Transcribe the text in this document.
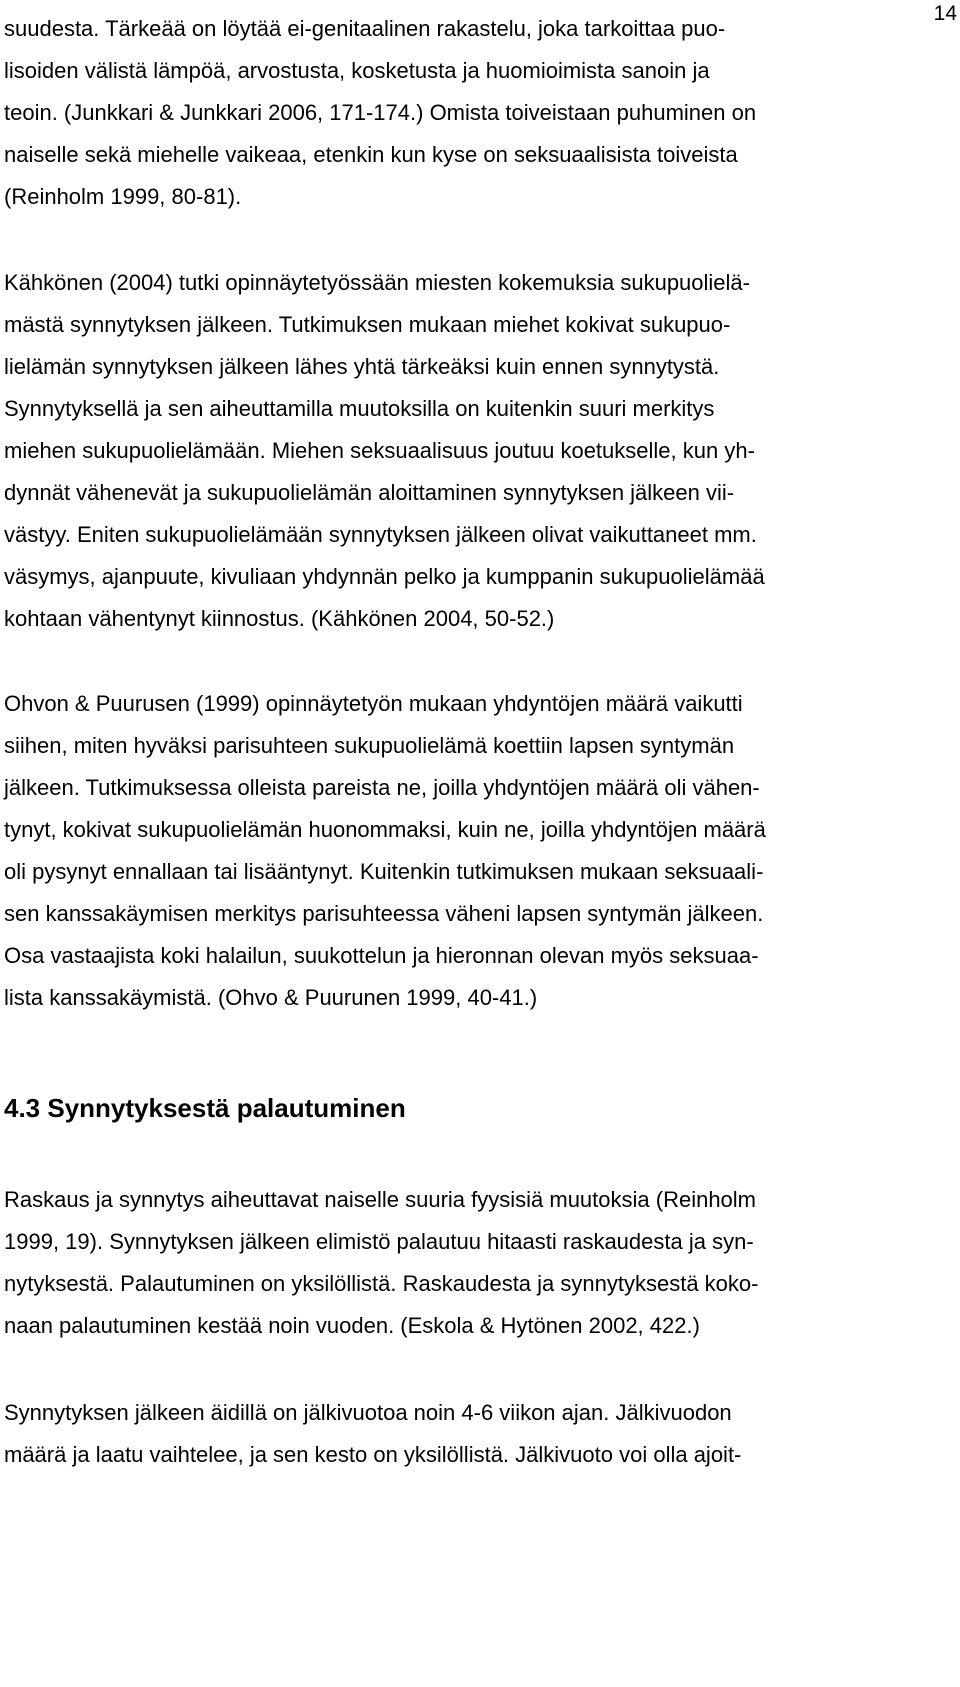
14
suudesta. Tärkeää on löytää ei-genitaalinen rakastelu, joka tarkoittaa puo-
lisoiden välistä lämpöä, arvostusta, kosketusta ja huomioimista sanoin ja
teoin. (Junkkari & Junkkari 2006, 171-174.) Omista toiveistaan puhuminen on
naiselle sekä miehelle vaikeaa, etenkin kun kyse on seksuaalisista toiveista
(Reinholm 1999, 80-81).
Kähkönen (2004) tutki opinnäytetyössään miesten kokemuksia sukupuolielä-
mästä synnytyksen jälkeen. Tutkimuksen mukaan miehet kokivat sukupuo-
lielämän synnytyksen jälkeen lähes yhtä tärkeäksi kuin ennen synnytystä.
Synnytyksellä ja sen aiheuttamilla muutoksilla on kuitenkin suuri merkitys
miehen sukupuolielämään. Miehen seksuaalisuus joutuu koetukselle, kun yh-
dynnät vähenevät ja sukupuolielämän aloittaminen synnytyksen jälkeen vii-
västyy. Eniten sukupuolielämään synnytyksen jälkeen olivat vaikuttaneet mm.
väsymys, ajanpuute, kivuliaan yhdynnän pelko ja kumppanin sukupuolielämää
kohtaan vähentynyt kiinnostus. (Kähkönen 2004, 50-52.)
Ohvon & Puurusen (1999) opinnäytetyön mukaan yhdyntöjen määrä vaikutti
siihen, miten hyväksi parisuhteen sukupuolielämä koettiin lapsen syntymän
jälkeen. Tutkimuksessa olleista pareista ne, joilla yhdyntöjen määrä oli vähen-
tynyt, kokivat sukupuolielämän huonommaksi, kuin ne, joilla yhdyntöjen määrä
oli pysynyt ennallaan tai lisääntynyt. Kuitenkin tutkimuksen mukaan seksuaali-
sen kanssakäymisen merkitys parisuhteessa väheni lapsen syntymän jälkeen.
Osa vastaajista koki halailun, suukottelun ja hieronnan olevan myös seksuaa-
lista kanssakäymistä. (Ohvo & Puurunen 1999, 40-41.)
4.3 Synnytyksestä palautuminen
Raskaus ja synnytys aiheuttavat naiselle suuria fyysisiä muutoksia (Reinholm
1999, 19). Synnytyksen jälkeen elimistö palautuu hitaasti raskaudesta ja syn-
nytyksestä. Palautuminen on yksilöllistä. Raskaudesta ja synnytyksestä koko-
naan palautuminen kestää noin vuoden. (Eskola & Hytönen 2002, 422.)
Synnytyksen jälkeen äidillä on jälkivuotoa noin 4-6 viikon ajan. Jälkivuodon
määrä ja laatu vaihtelee, ja sen kesto on yksilöllistä. Jälkivuoto voi olla ajoit-
